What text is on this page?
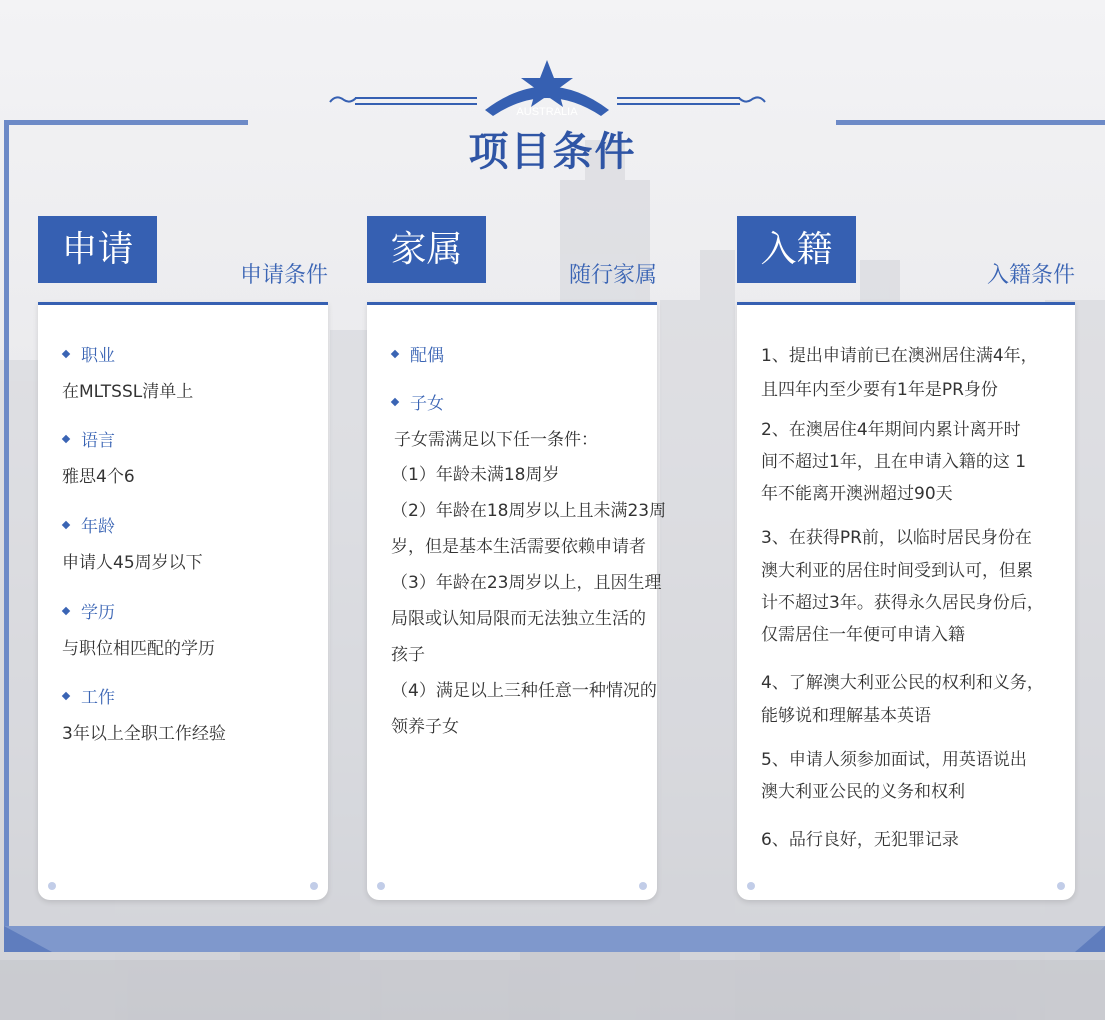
AUSTRALIA
项目条件
申请
申请条件
职业
在MLTSSL清单上
语言
雅思4个6
年龄
申请人45周岁以下
学历
与职位相匹配的学历
工作
3年以上全职工作经验
家属
随行家属
配偶
子女
子女需满足以下任一条件：
（1）年龄未满18周岁
（2）年龄在18周岁以上且未满23周
岁，但是基本生活需要依赖申请者
（3）年龄在23周岁以上，且因生理
局限或认知局限而无法独立生活的
孩子
（4）满足以上三种任意一种情况的
领养子女
入籍
入籍条件
1、提出申请前已在澳洲居住满4年，
且四年内至少要有1年是PR身份
2、在澳居住4年期间内累计离开时
间不超过1年，且在申请入籍的这 1
年不能离开澳洲超过90天
3、在获得PR前，以临时居民身份在
澳大利亚的居住时间受到认可，但累
计不超过3年。获得永久居民身份后，
仅需居住一年便可申请入籍
4、了解澳大利亚公民的权利和义务，
能够说和理解基本英语
5、申请人须参加面试，用英语说出
澳大利亚公民的义务和权利
6、品行良好，无犯罪记录
